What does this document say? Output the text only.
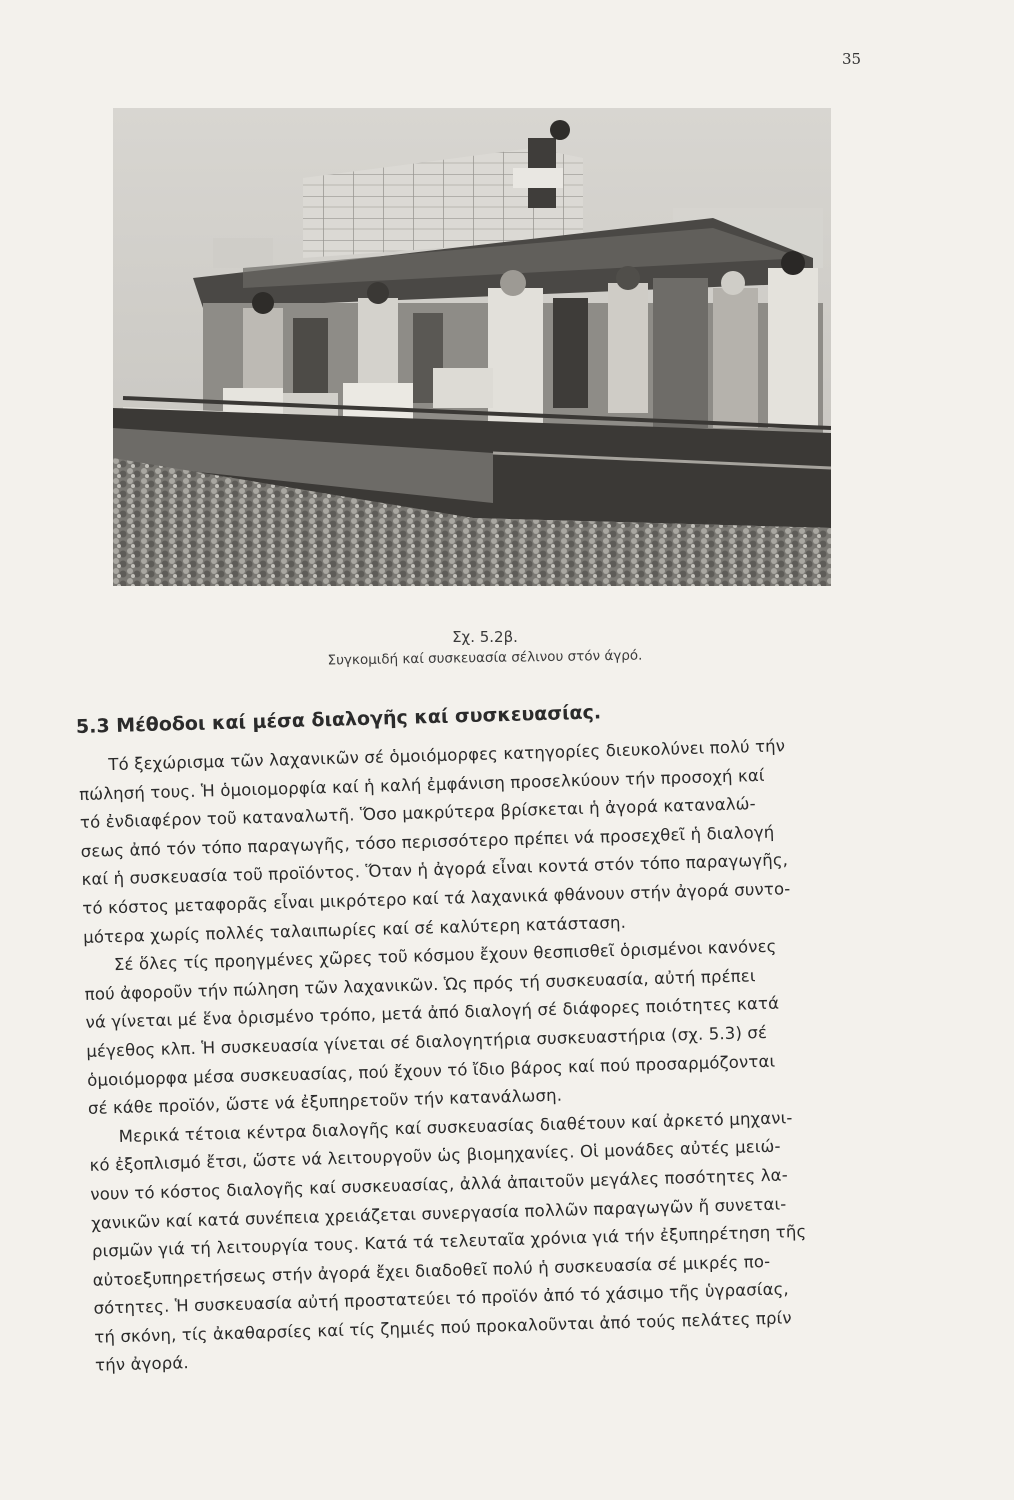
35
Σχ. 5.2β.
Συγκομιδή καί συσκευασία σέλινου στόν άγρό.
5.3 Μέθοδοι καί μέσα διαλογῆς καί συσκευασίας.
Τό ξεχώρισμα τῶν λαχανικῶν σέ ὁμοιόμορφες κατηγορίες διευκολύνει πολύ τήν
πώλησή τους. Ἡ ὁμοιομορφία καί ἡ καλή ἐμφάνιση προσελκύουν τήν προσοχή καί
τό ἐνδιαφέρον τοῦ καταναλωτῆ. Ὅσο μακρύτερα βρίσκεται ἡ ἀγορά καταναλώ-
σεως ἀπό τόν τόπο παραγωγῆς, τόσο περισσότερο πρέπει νά προσεχθεῖ ἡ διαλογή
καί ἡ συσκευασία τοῦ προϊόντος. Ὅταν ἡ ἀγορά εἶναι κοντά στόν τόπο παραγωγῆς,
τό κόστος μεταφορᾶς εἶναι μικρότερο καί τά λαχανικά φθάνουν στήν ἀγορά συντο-
μότερα χωρίς πολλές ταλαιπωρίες καί σέ καλύτερη κατάσταση.
Σέ ὅλες τίς προηγμένες χῶρες τοῦ κόσμου ἔχουν θεσπισθεῖ ὁρισμένοι κανόνες
πού ἀφοροῦν τήν πώληση τῶν λαχανικῶν. Ὡς πρός τή συσκευασία, αὐτή πρέπει
νά γίνεται μέ ἕνα ὁρισμένο τρόπο, μετά ἀπό διαλογή σέ διάφορες ποιότητες κατά
μέγεθος κλπ. Ἡ συσκευασία γίνεται σέ διαλογητήρια συσκευαστήρια (σχ. 5.3) σέ
ὁμοιόμορφα μέσα συσκευασίας, πού ἔχουν τό ἴδιο βάρος καί πού προσαρμόζονται
σέ κάθε προϊόν, ὥστε νά ἐξυπηρετοῦν τήν κατανάλωση.
Μερικά τέτοια κέντρα διαλογῆς καί συσκευασίας διαθέτουν καί ἀρκετό μηχανι-
κό ἐξοπλισμό ἔτσι, ὥστε νά λειτουργοῦν ὡς βιομηχανίες. Οἱ μονάδες αὐτές μειώ-
νουν τό κόστος διαλογῆς καί συσκευασίας, ἀλλά ἀπαιτοῦν μεγάλες ποσότητες λα-
χανικῶν καί κατά συνέπεια χρειάζεται συνεργασία πολλῶν παραγωγῶν ἤ συνεται-
ρισμῶν γιά τή λειτουργία τους. Κατά τά τελευταῖα χρόνια γιά τήν ἐξυπηρέτηση τῆς
αὐτοεξυπηρετήσεως στήν ἀγορά ἔχει διαδοθεῖ πολύ ἡ συσκευασία σέ μικρές πο-
σότητες. Ἡ συσκευασία αὐτή προστατεύει τό προϊόν ἀπό τό χάσιμο τῆς ὑγρασίας,
τή σκόνη, τίς ἀκαθαρσίες καί τίς ζημιές πού προκαλοῦνται ἀπό τούς πελάτες πρίν
τήν ἀγορά.
